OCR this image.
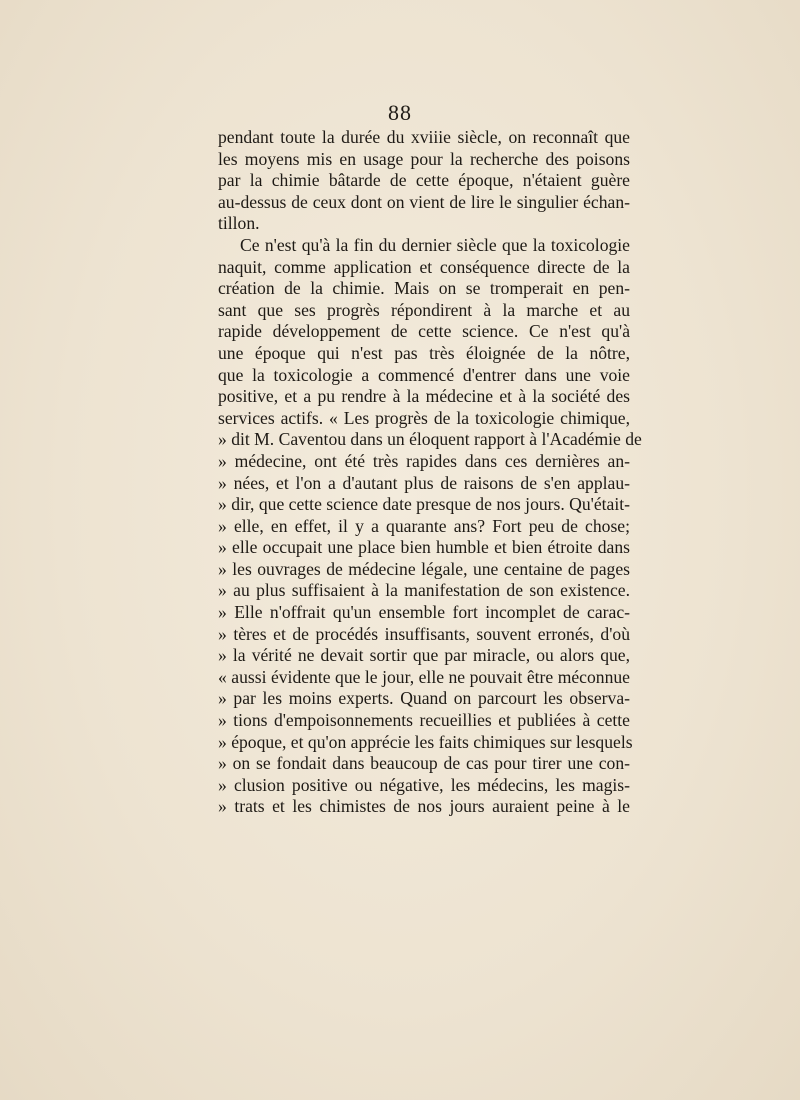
88
pendant toute la durée du xviiie siècle, on reconnaît que
les moyens mis en usage pour la recherche des poisons
par la chimie bâtarde de cette époque, n'étaient guère
au-dessus de ceux dont on vient de lire le singulier échan-
tillon.
Ce n'est qu'à la fin du dernier siècle que la toxicologie
naquit, comme application et conséquence directe de la
création de la chimie. Mais on se tromperait en pen-
sant que ses progrès répondirent à la marche et au
rapide développement de cette science. Ce n'est qu'à
une époque qui n'est pas très éloignée de la nôtre,
que la toxicologie a commencé d'entrer dans une voie
positive, et a pu rendre à la médecine et à la société des
services actifs. « Les progrès de la toxicologie chimique,
» dit M. Caventou dans un éloquent rapport à l'Académie de
» médecine, ont été très rapides dans ces dernières an-
» nées, et l'on a d'autant plus de raisons de s'en applau-
» dir, que cette science date presque de nos jours. Qu'était-
» elle, en effet, il y a quarante ans? Fort peu de chose;
» elle occupait une place bien humble et bien étroite dans
» les ouvrages de médecine légale, une centaine de pages
» au plus suffisaient à la manifestation de son existence.
» Elle n'offrait qu'un ensemble fort incomplet de carac-
» tères et de procédés insuffisants, souvent erronés, d'où
» la vérité ne devait sortir que par miracle, ou alors que,
« aussi évidente que le jour, elle ne pouvait être méconnue
» par les moins experts. Quand on parcourt les observa-
» tions d'empoisonnements recueillies et publiées à cette
» époque, et qu'on apprécie les faits chimiques sur lesquels
» on se fondait dans beaucoup de cas pour tirer une con-
» clusion positive ou négative, les médecins, les magis-
» trats et les chimistes de nos jours auraient peine à le
